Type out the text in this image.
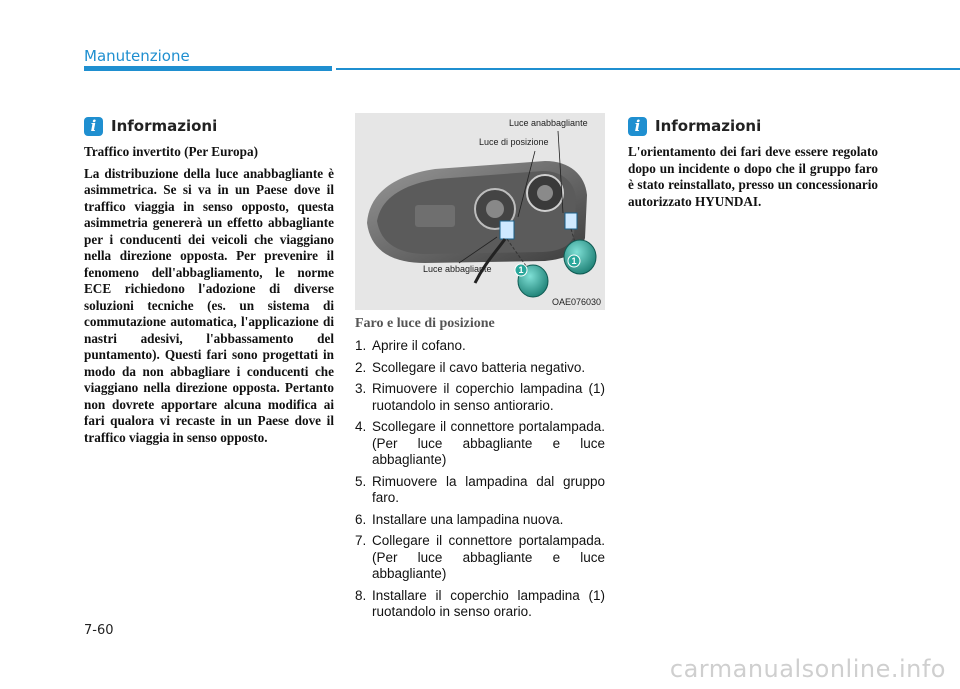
Manutenzione
i Informazioni

Traffico invertito (Per Europa)

La distribuzione della luce anabbagliante è asimmetrica. Se si va in un Paese dove il traffico viaggia in senso opposto, questa asimmetria genererà un effetto abbagliante per i conducenti dei veicoli che viaggiano nella direzione opposta. Per prevenire il fenomeno dell'abbagliamento, le norme ECE richiedono l'adozione di diverse soluzioni tecniche (es. un sistema di commutazione automatica, l'applicazione di nastri adesivi, l'abbassamento del puntamento). Questi fari sono progettati in modo da non abbagliare i conducenti che viaggiano nella direzione opposta. Pertanto non dovrete apportare alcuna modifica ai fari qualora vi recaste in un Paese dove il traffico viaggia in senso opposto.

1
1
Luce anabbagliante
Luce di posizione
Luce abbagliante
OAE076030

Faro e luce di posizione

1. Aprire il cofano.
2. Scollegare il cavo batteria negativo.
3. Rimuovere il coperchio lampadina (1) ruotandolo in senso antiorario.
4. Scollegare il connettore portalampada. (Per luce abbagliante e luce abbagliante)
5. Rimuovere la lampadina dal gruppo faro.
6. Installare una lampadina nuova.
7. Collegare il connettore portalampada. (Per luce abbagliante e luce abbagliante)
8. Installare il coperchio lampadina (1) ruotandolo in senso orario.
i Informazioni

L'orientamento dei fari deve essere regolato dopo un incidente o dopo che il gruppo faro è stato reinstallato, presso un concessionario autorizzato HYUNDAI.

7-60
carmanualsonline.info
